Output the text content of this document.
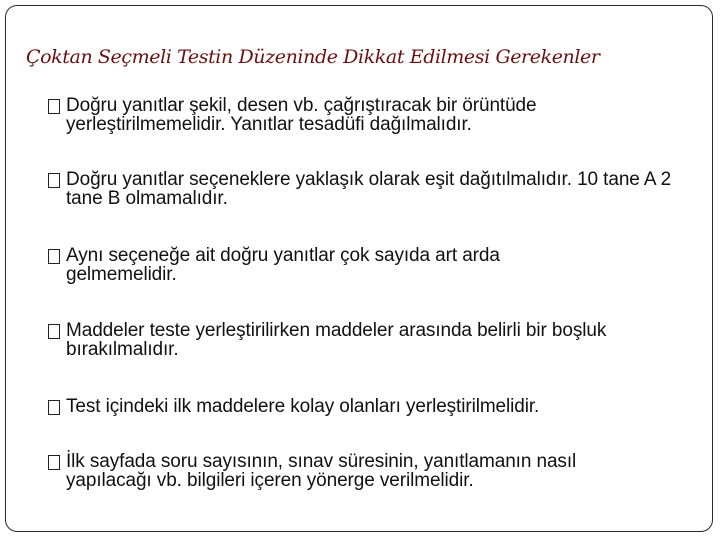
Çoktan Seçmeli Testin Düzeninde Dikkat Edilmesi Gerekenler
Doğru yanıtlar şekil, desen vb. çağrıştıracak bir örüntüde yerleştirilmemelidir. Yanıtlar tesadüfi dağılmalıdır.
Doğru yanıtlar seçeneklere yaklaşık olarak eşit dağıtılmalıdır. 10 tane A 2 tane B olmamalıdır.
Aynı seçeneğe ait doğru yanıtlar çok sayıda art arda gelmemelidir.
Maddeler teste yerleştirilirken maddeler arasında belirli bir boşluk bırakılmalıdır.
Test içindeki ilk maddelere kolay olanları yerleştirilmelidir.
İlk sayfada soru sayısının, sınav süresinin, yanıtlamanın nasıl yapılacağı vb. bilgileri içeren yönerge verilmelidir.
